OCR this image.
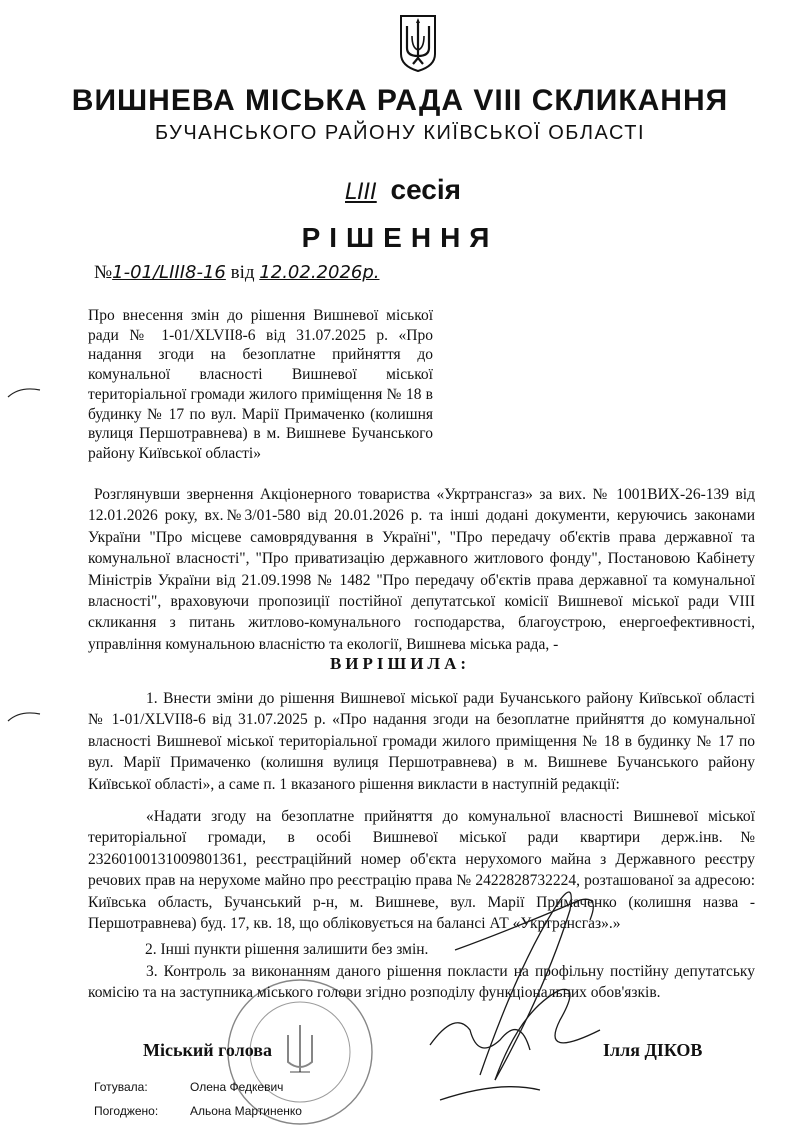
ВИШНЕВА МІСЬКА РАДА VIII СКЛИКАННЯ
БУЧАНСЬКОГО РАЙОНУ КИЇВСЬКОЇ ОБЛАСТІ
LIII сесія
РІШЕННЯ
№1-01/LIII8-16 від 12.02.2026р.

Про внесення змін до рішення Вишневої міської ради № 1-01/XLVII8-6 від 31.07.2025 р. «Про надання згоди на безоплатне прийняття до комунальної власності Вишневої міської територіальної громади жилого приміщення № 18 в будинку № 17 по вул. Марії Примаченко (колишня вулиця Першотравнева) в м. Вишневе Бучанського району Київської області»

Розглянувши звернення Акціонерного товариства «Укртрансгаз» за вих. № 1001ВИХ-26-139 від 12.01.2026 року, вх.№3/01-580 від 20.01.2026 р. та інші додані документи, керуючись законами України "Про місцеве самоврядування в Україні", "Про передачу об'єктів права державної та комунальної власності", "Про приватизацію державного житлового фонду", Постановою Кабінету Міністрів України від 21.09.1998 № 1482 "Про передачу об'єктів права державної та комунальної власності", враховуючи пропозиції постійної депутатської комісії Вишневої міської ради VIII скликання з питань житлово-комунального господарства, благоустрою, енергоефективності, управління комунальною власністю та екології, Вишнева міська рада, -

ВИРІШИЛА:

1. Внести зміни до рішення Вишневої міської ради Бучанського району Київської області № 1-01/XLVII8-6 від 31.07.2025 р. «Про надання згоди на безоплатне прийняття до комунальної власності Вишневої міської територіальної громади жилого приміщення № 18 в будинку № 17 по вул. Марії Примаченко (колишня вулиця Першотравнева) в м. Вишневе Бучанського району Київської області», а саме п. 1 вказаного рішення викласти в наступній редакції:

«Надати згоду на безоплатне прийняття до комунальної власності Вишневої міської територіальної громади, в особі Вишневої міської ради квартири держ.інв.№ 23260100131009801361, реєстраційний номер об'єкта нерухомого майна з Державного реєстру речових прав на нерухоме майно про реєстрацію права № 2422828732224, розташованої за адресою: Київська область, Бучанський р-н, м. Вишневе, вул. Марії Примаченко (колишня назва - Першотравнева) буд. 17, кв. 18, що обліковується на балансі АТ «Укртрансгаз».»

2. Інші пункти рішення залишити без змін.

3. Контроль за виконанням даного рішення покласти на профільну постійну депутатську комісію та на заступника міського голови згідно розподілу функціональних обов'язків.

Міський голова	Ілля ДІКОВ
Готувала:	Олена Федкевич
Погоджено:	Альона Мартиненко
